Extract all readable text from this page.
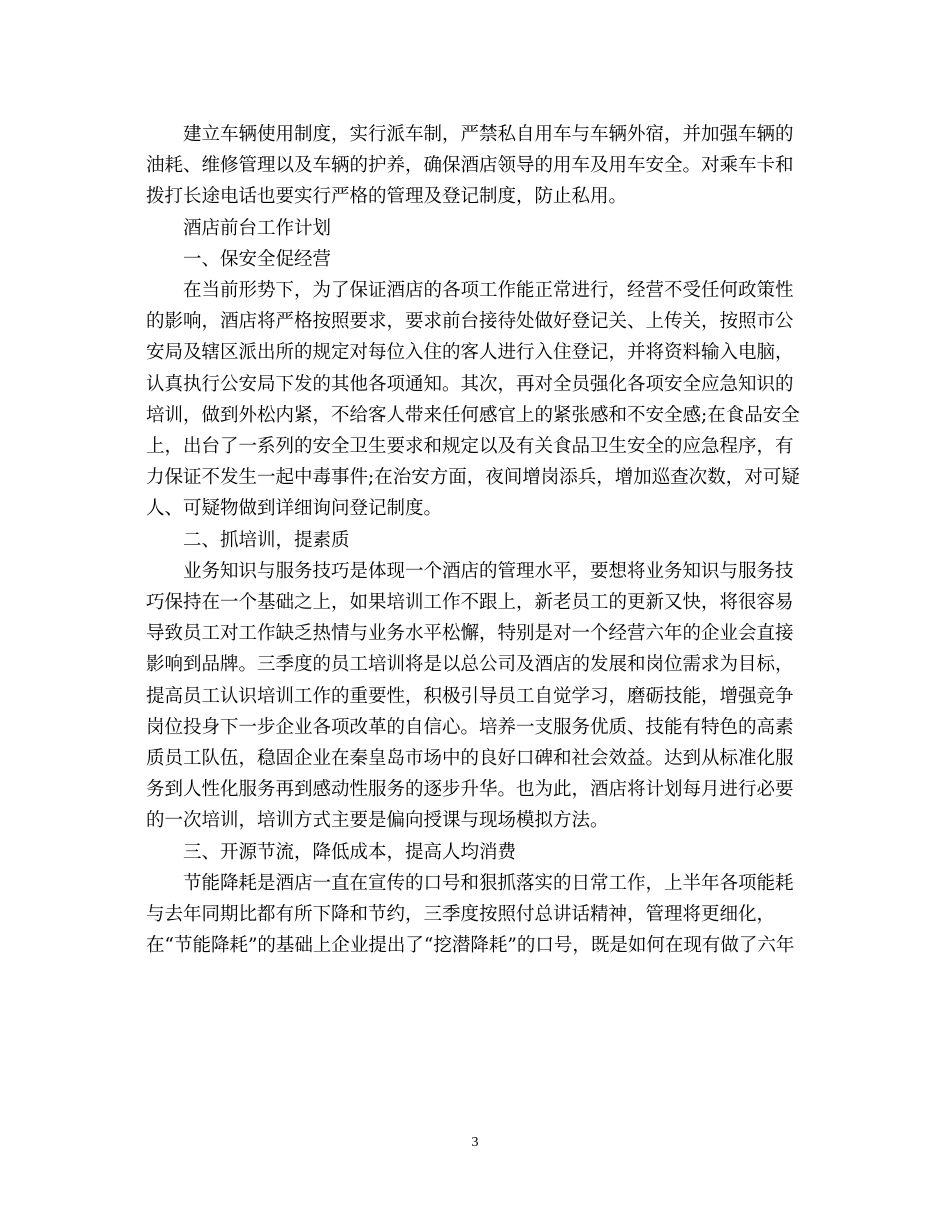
建立车辆使用制度，实行派车制，严禁私自用车与车辆外宿，并加强车辆的油耗、维修管理以及车辆的护养，确保酒店领导的用车及用车安全。对乘车卡和拨打长途电话也要实行严格的管理及登记制度，防止私用。

酒店前台工作计划

一、保安全促经营

在当前形势下，为了保证酒店的各项工作能正常进行，经营不受任何政策性的影响，酒店将严格按照要求，要求前台接待处做好登记关、上传关，按照市公安局及辖区派出所的规定对每位入住的客人进行入住登记，并将资料输入电脑，认真执行公安局下发的其他各项通知。其次，再对全员强化各项安全应急知识的培训，做到外松内紧，不给客人带来任何感官上的紧张感和不安全感;在食品安全上，出台了一系列的安全卫生要求和规定以及有关食品卫生安全的应急程序，有力保证不发生一起中毒事件;在治安方面，夜间增岗添兵，增加巡查次数，对可疑人、可疑物做到详细询问登记制度。

二、抓培训，提素质

业务知识与服务技巧是体现一个酒店的管理水平，要想将业务知识与服务技巧保持在一个基础之上，如果培训工作不跟上，新老员工的更新又快，将很容易导致员工对工作缺乏热情与业务水平松懈，特别是对一个经营六年的企业会直接影响到品牌。三季度的员工培训将是以总公司及酒店的发展和岗位需求为目标，提高员工认识培训工作的重要性，积极引导员工自觉学习，磨砺技能，增强竞争岗位投身下一步企业各项改革的自信心。培养一支服务优质、技能有特色的高素质员工队伍，稳固企业在秦皇岛市场中的良好口碑和社会效益。达到从标准化服务到人性化服务再到感动性服务的逐步升华。也为此，酒店将计划每月进行必要的一次培训，培训方式主要是偏向授课与现场模拟方法。

三、开源节流，降低成本，提高人均消费

节能降耗是酒店一直在宣传的口号和狠抓落实的日常工作，上半年各项能耗与去年同期比都有所下降和节约，三季度按照付总讲话精神，管理将更细化，

在“节能降耗”的基础上企业提出了“挖潜降耗”的口号，既是如何在现有做了六年

3
